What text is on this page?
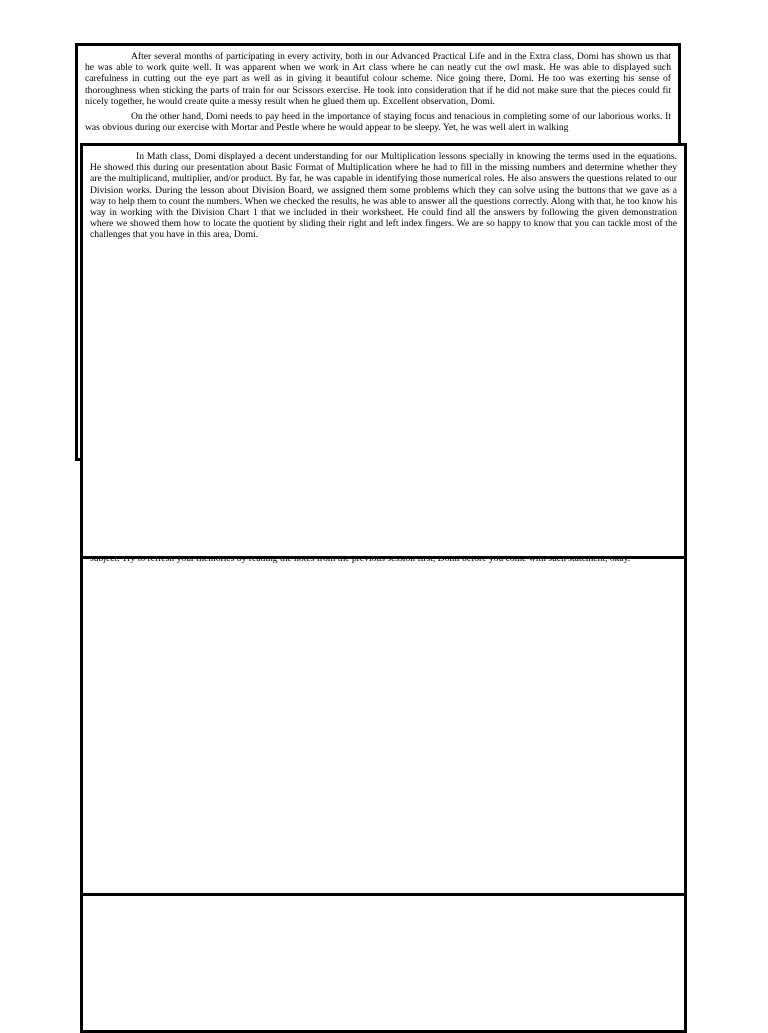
After several months of participating in every activity, both in our Advanced Practical Life and in the Extra class, Domi has shown us that he was able to work quite well. It was apparent when we work in Art class where he can neatly cut the owl mask. He was able to displayed such carefulness in cutting out the eye part as well as in giving it beautiful colour scheme. Nice going there, Domi. He too was exerting his sense of thoroughness when sticking the parts of train for our Scissors exercise. He took into consideration that if he did not make sure that the pieces could fit nicely together, he would create quite a messy result when he glued them up. Excellent observation, Domi.

On the other hand, Domi needs to pay heed in the importance of staying focus and tenacious in completing some of our laborious works. It was obvious during our exercise with Mortar and Pestle where he would appear to be sleepy. Yet, he was well alert in walking

In Math class, Domi displayed a decent understanding for our Multiplication lessons specially in knowing the terms used in the equations. He showed this during our presentation about Basic Format of Multiplication where he had to fill in the missing numbers and determine whether they are the multiplicand, multiplier, and/or product. By far, he was capable in identifying those numerical roles. He also answers the questions related to our Division works. During the lesson about Division Board, we assigned them some problems which they can solve using the buttons that we gave as a way to help them to count the numbers. When we checked the results, he was able to answer all the questions correctly. Along with that, he too know his way in working with the Division Chart 1 that we included in their worksheet. He could find all the answers by following the given demonstration where we showed them how to locate the quotient by sliding their right and left index fingers. We are so happy to know that you can tackle most of the challenges that you have in this area, Domi.
